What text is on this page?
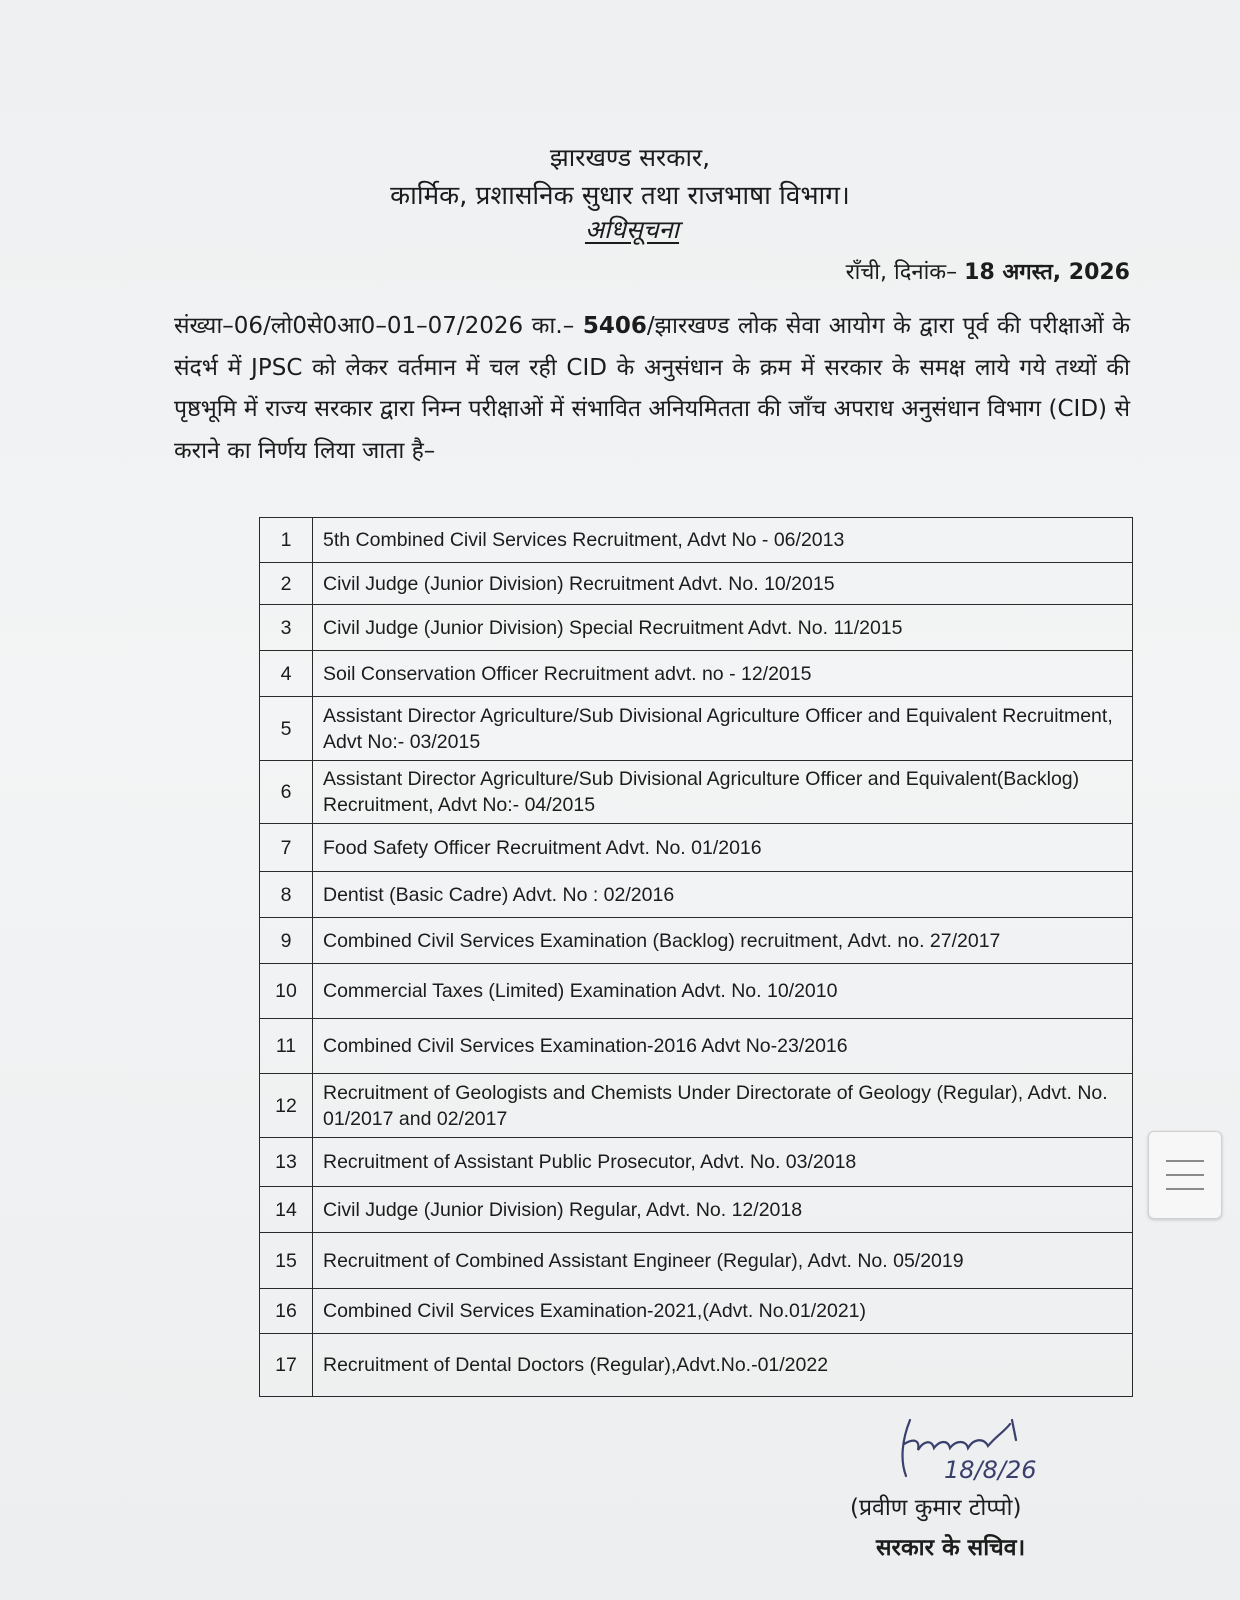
झारखण्ड सरकार,
कार्मिक, प्रशासनिक सुधार तथा राजभाषा विभाग।
अधिसूचना
राँची, दिनांक– 18 अगस्त, 2026
संख्या–06/लो0से0आ0–01–07/2026 का.– 5406/झारखण्ड लोक सेवा आयोग के द्वारा पूर्व की परीक्षाओं के संदर्भ में JPSC को लेकर वर्तमान में चल रही CID के अनुसंधान के क्रम में सरकार के समक्ष लाये गये तथ्यों की पृष्ठभूमि में राज्य सरकार द्वारा निम्न परीक्षाओं में संभावित अनियमितता की जाँच अपराध अनुसंधान विभाग (CID) से कराने का निर्णय लिया जाता है–
1	5th Combined Civil Services Recruitment, Advt No - 06/2013
2	Civil Judge (Junior Division) Recruitment Advt. No. 10/2015
3	Civil Judge (Junior Division) Special Recruitment Advt. No. 11/2015
4	Soil Conservation Officer Recruitment advt. no - 12/2015
5	Assistant Director Agriculture/Sub Divisional Agriculture Officer and Equivalent Recruitment, Advt No:- 03/2015
6	Assistant Director Agriculture/Sub Divisional Agriculture Officer and Equivalent(Backlog) Recruitment, Advt No:- 04/2015
7	Food Safety Officer Recruitment Advt. No. 01/2016
8	Dentist (Basic Cadre) Advt. No : 02/2016
9	Combined Civil Services Examination (Backlog) recruitment, Advt. no. 27/2017
10	Commercial Taxes (Limited) Examination Advt. No. 10/2010
11	Combined Civil Services Examination-2016 Advt No-23/2016
12	Recruitment of Geologists and Chemists Under Directorate of Geology (Regular), Advt. No. 01/2017 and 02/2017
13	Recruitment of Assistant Public Prosecutor, Advt. No. 03/2018
14	Civil Judge (Junior Division) Regular, Advt. No. 12/2018
15	Recruitment of Combined Assistant Engineer (Regular), Advt. No. 05/2019
16	Combined Civil Services Examination-2021,(Advt. No.01/2021)
17	Recruitment of Dental Doctors (Regular),Advt.No.-01/2022
18/8/26
(प्रवीण कुमार टोप्पो)
सरकार के सचिव।
